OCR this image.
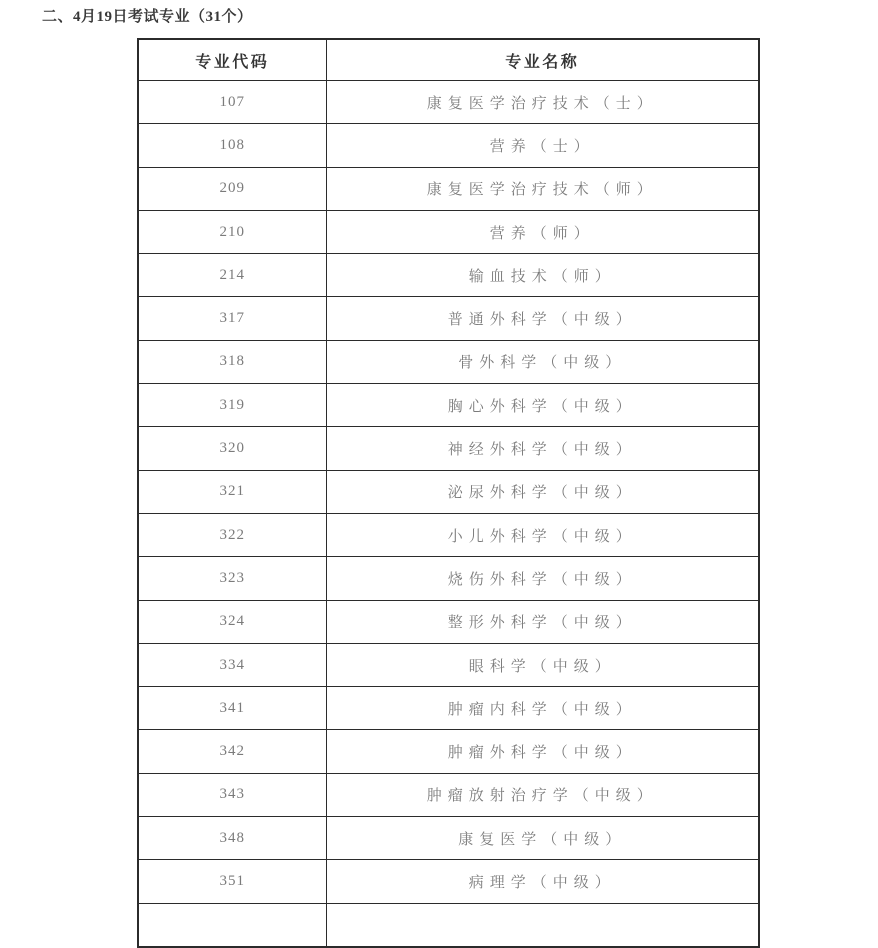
二、4月19日考试专业（31个）
专业代码	专业名称
107	康复医学治疗技术（士）
108	营养（士）
209	康复医学治疗技术（师）
210	营养（师）
214	输血技术（师）
317	普通外科学（中级）
318	骨外科学（中级）
319	胸心外科学（中级）
320	神经外科学（中级）
321	泌尿外科学（中级）
322	小儿外科学（中级）
323	烧伤外科学（中级）
324	整形外科学（中级）
334	眼科学（中级）
341	肿瘤内科学（中级）
342	肿瘤外科学（中级）
343	肿瘤放射治疗学（中级）
348	康复医学（中级）
351	病理学（中级）
